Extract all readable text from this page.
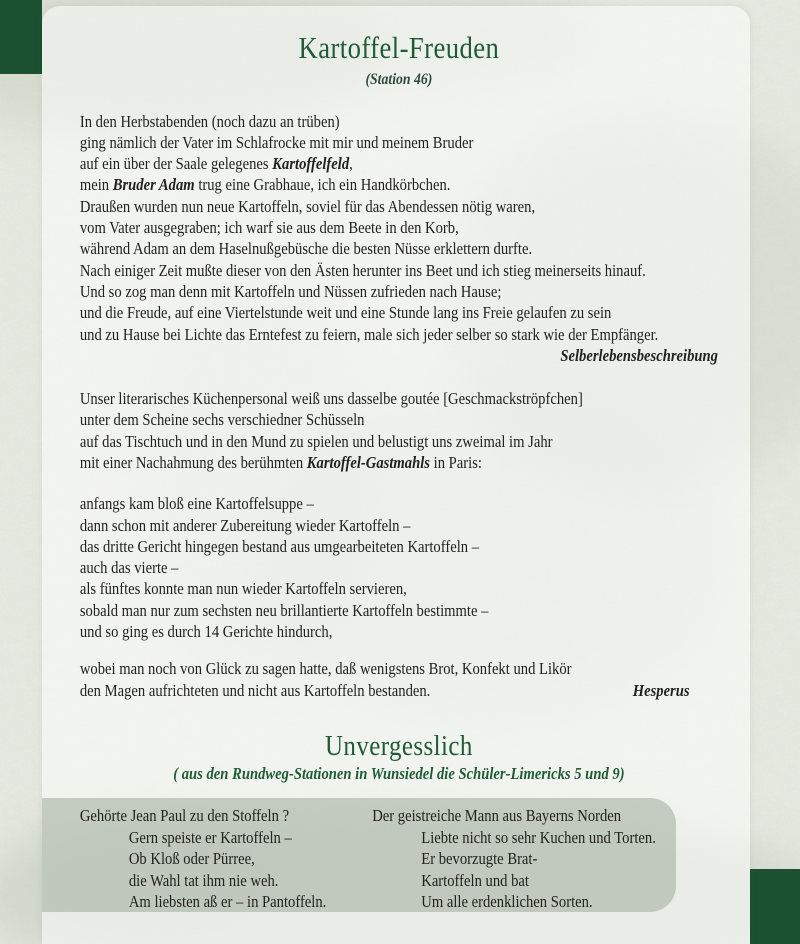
Kartoffel-Freuden
(Station 46)
In den Herbstabenden (noch dazu an trüben)
ging nämlich der Vater im Schlafrocke mit mir und meinem Bruder
auf ein über der Saale gelegenes Kartoffelfeld,
mein Bruder Adam trug eine Grabhaue, ich ein Handkörbchen.
Draußen wurden nun neue Kartoffeln, soviel für das Abendessen nötig waren,
vom Vater ausgegraben; ich warf sie aus dem Beete in den Korb,
während Adam an dem Haselnußgebüsche die besten Nüsse erklettern durfte.
Nach einiger Zeit mußte dieser von den Ästen herunter ins Beet und ich stieg meinerseits hinauf.
Und so zog man denn mit Kartoffeln und Nüssen zufrieden nach Hause;
und die Freude, auf eine Viertelstunde weit und eine Stunde lang ins Freie gelaufen zu sein
und zu Hause bei Lichte das Erntefest zu feiern, male sich jeder selber so stark wie der Empfänger.
Selberlebensbeschreibung
Unser literarisches Küchenpersonal weiß uns dasselbe goutée [Geschmackströpfchen]
unter dem Scheine sechs verschiedner Schüsseln
auf das Tischtuch und in den Mund zu spielen und belustigt uns zweimal im Jahr
mit einer Nachahmung des berühmten Kartoffel-Gastmahls in Paris:
anfangs kam bloß eine Kartoffelsuppe –
dann schon mit anderer Zubereitung wieder Kartoffeln –
das dritte Gericht hingegen bestand aus umgearbeiteten Kartoffeln –
auch das vierte –
als fünftes konnte man nun wieder Kartoffeln servieren,
sobald man nur zum sechsten neu brillantierte Kartoffeln bestimmte –
und so ging es durch 14 Gerichte hindurch,
wobei man noch von Glück zu sagen hatte, daß wenigstens Brot, Konfekt und Likör
den Magen aufrichteten und nicht aus Kartoffeln bestanden.	Hesperus
Unvergesslich
( aus den Rundweg-Stationen in Wunsiedel die Schüler-Limericks 5 und 9)
Gehörte Jean Paul zu den Stoffeln ?
Gern speiste er Kartoffeln –
Ob Kloß oder Pürree,
die Wahl tat ihm nie weh.
Am liebsten aß er – in Pantoffeln.
Der geistreiche Mann aus Bayerns Norden
Liebte nicht so sehr Kuchen und Torten.
Er bevorzugte Brat-
Kartoffeln und bat
Um alle erdenklichen Sorten.
